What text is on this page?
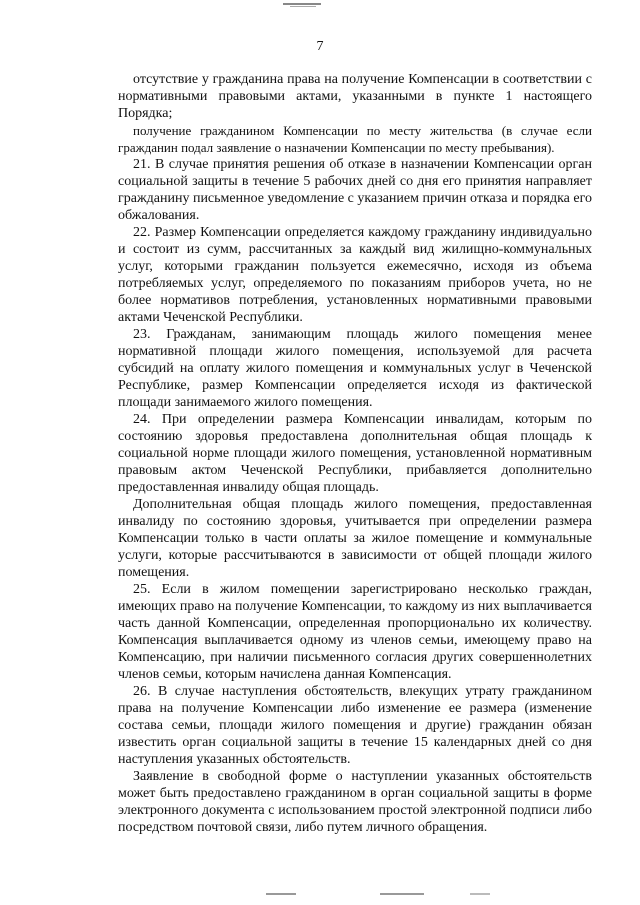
7

отсутствие у гражданина права на получение Компенсации в соответствии с нормативными правовыми актами, указанными в пункте 1 настоящего Порядка;

получение гражданином Компенсации по месту жительства (в случае если гражданин подал заявление о назначении Компенсации по месту пребывания).

21. В случае принятия решения об отказе в назначении Компенсации орган социальной защиты в течение 5 рабочих дней со дня его принятия направляет гражданину письменное уведомление с указанием причин отказа и порядка его обжалования.

22. Размер Компенсации определяется каждому гражданину индивидуально и состоит из сумм, рассчитанных за каждый вид жилищно-коммунальных услуг, которыми гражданин пользуется ежемесячно, исходя из объема потребляемых услуг, определяемого по показаниям приборов учета, но не более нормативов потребления, установленных нормативными правовыми актами Чеченской Республики.

23. Гражданам, занимающим площадь жилого помещения менее нормативной площади жилого помещения, используемой для расчета субсидий на оплату жилого помещения и коммунальных услуг в Чеченской Республике, размер Компенсации определяется исходя из фактической площади занимаемого жилого помещения.

24. При определении размера Компенсации инвалидам, которым по состоянию здоровья предоставлена дополнительная общая площадь к социальной норме площади жилого помещения, установленной нормативным правовым актом Чеченской Республики, прибавляется дополнительно предоставленная инвалиду общая площадь.

Дополнительная общая площадь жилого помещения, предоставленная инвалиду по состоянию здоровья, учитывается при определении размера Компенсации только в части оплаты за жилое помещение и коммунальные услуги, которые рассчитываются в зависимости от общей площади жилого помещения.

25. Если в жилом помещении зарегистрировано несколько граждан, имеющих право на получение Компенсации, то каждому из них выплачивается часть данной Компенсации, определенная пропорционально их количеству. Компенсация выплачивается одному из членов семьи, имеющему право на Компенсацию, при наличии письменного согласия других совершеннолетних членов семьи, которым начислена данная Компенсация.

26. В случае наступления обстоятельств, влекущих утрату гражданином права на получение Компенсации либо изменение ее размера (изменение состава семьи, площади жилого помещения и другие) гражданин обязан известить орган социальной защиты в течение 15 календарных дней со дня наступления указанных обстоятельств.

Заявление в свободной форме о наступлении указанных обстоятельств может быть предоставлено гражданином в орган социальной защиты в форме электронного документа с использованием простой электронной подписи либо посредством почтовой связи, либо путем личного обращения.
